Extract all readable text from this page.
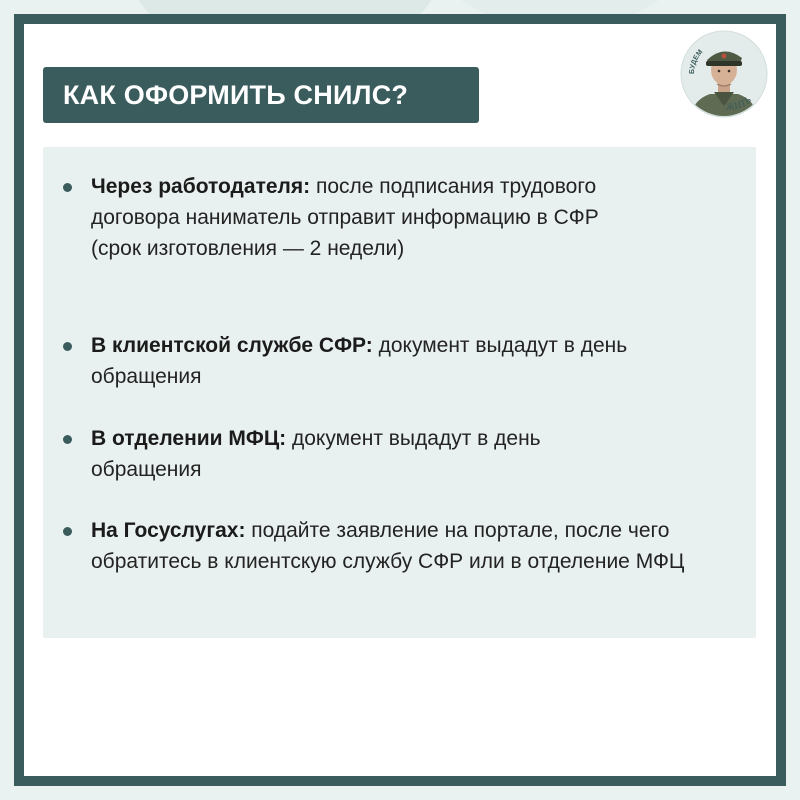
КАК ОФОРМИТЬ СНИЛС?
БУДЕМ
ЖИТЬ
Через работодателя: после подписания трудового договора наниматель отправит информацию в СФР (срок изготовления — 2 недели)
В клиентской службе СФР: документ выдадут в день обращения
В отделении МФЦ: документ выдадут в день обращения
На Госуслугах: подайте заявление на портале, после чего обратитесь в клиентскую службу СФР или в отделение МФЦ
